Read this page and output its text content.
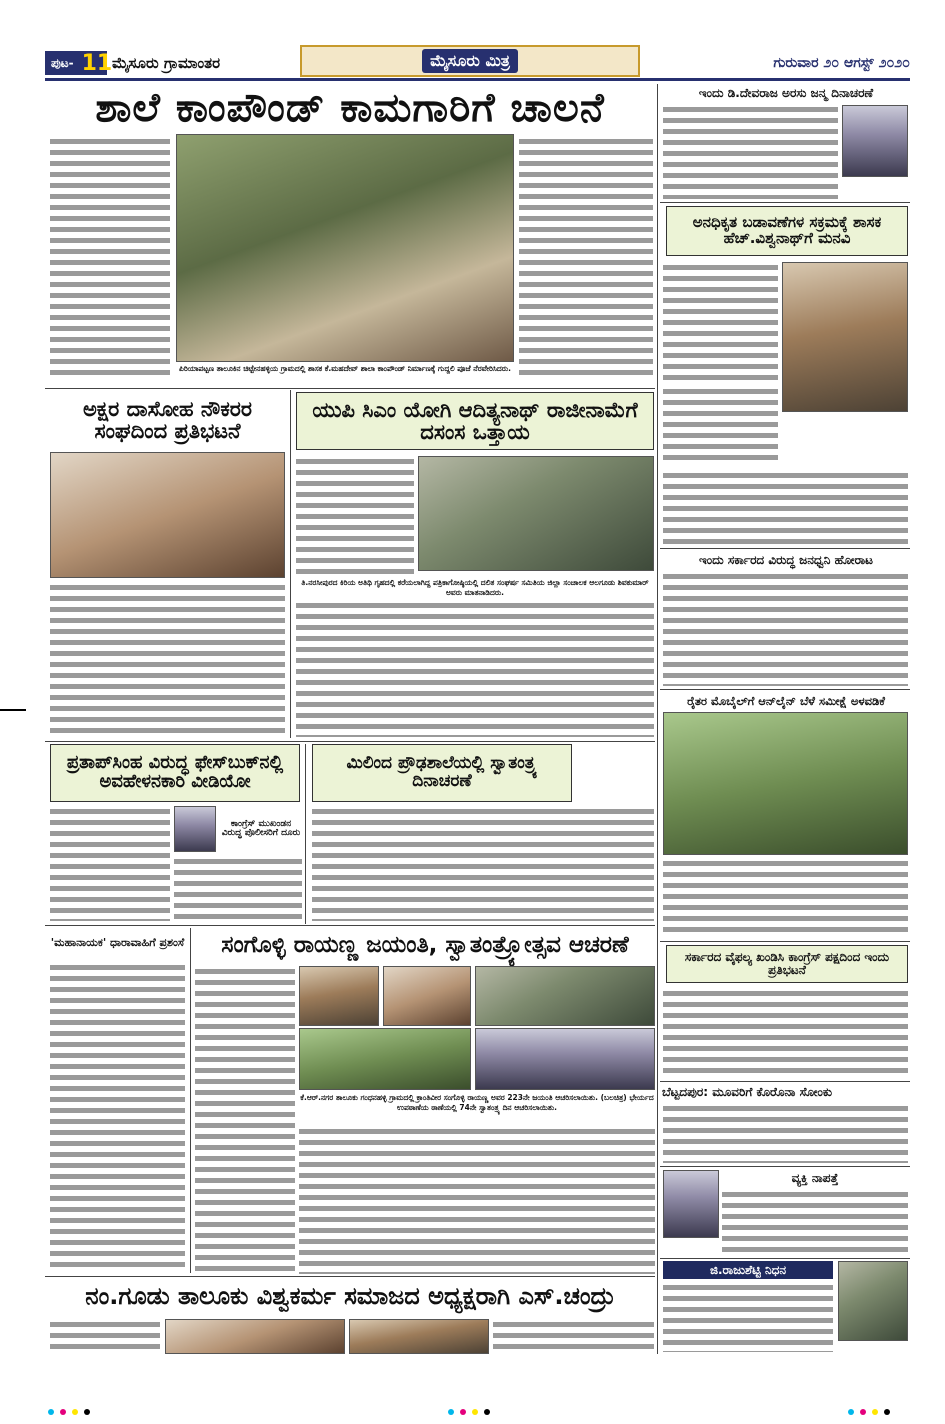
ಪುಟ- 11 ಮೈಸೂರು ಗ್ರಾಮಾಂತರ	ಮೈಸೂರು ಮಿತ್ರ	ಗುರುವಾರ ೨೦ ಆಗಸ್ಟ್ ೨೦೨೦
ಶಾಲೆ ಕಾಂಪೌಂಡ್ ಕಾಮಗಾರಿಗೆ ಚಾಲನೆ
ಪಿರಿಯಾಪಟ್ಟಣ ತಾಲೂಕಿನ ಚಿಟ್ಟೇನಹಳ್ಳಿಯ ಗ್ರಾಮದಲ್ಲಿ ಶಾಸಕ ಕೆ.ಮಹದೇವ್ ಶಾಲಾ ಕಾಂಪೌಂಡ್ ನಿರ್ಮಾಣಕ್ಕೆ ಗುದ್ದಲಿ ಪೂಜೆ ನೆರವೇರಿಸಿದರು.
ಇಂದು ಡಿ.ದೇವರಾಜ ಅರಸು ಜನ್ಮ ದಿನಾಚರಣೆ
ಅನಧಿಕೃತ ಬಡಾವಣೆಗಳ ಸಕ್ರಮಕ್ಕೆ ಶಾಸಕ ಹೆಚ್.ವಿಶ್ವನಾಥ್‌ಗೆ ಮನವಿ
ಇಂದು ಸರ್ಕಾರದ ವಿರುದ್ಧ ಜನಧ್ವನಿ ಹೋರಾಟ
ರೈತರ ಮೊಬೈಲ್‌ಗೆ ಆನ್‌ಲೈನ್ ಬೆಳೆ ಸಮೀಕ್ಷೆ ಅಳವಡಿಕೆ
ಸರ್ಕಾರದ ವೈಫಲ್ಯ ಖಂಡಿಸಿ ಕಾಂಗ್ರೆಸ್ ಪಕ್ಷದಿಂದ ಇಂದು ಪ್ರತಿಭಟನೆ
ಬೆಟ್ಟದಪುರ: ಮೂವರಿಗೆ ಕೊರೊನಾ ಸೋಂಕು
ವ್ಯಕ್ತಿ ನಾಪತ್ತೆ
ಜಿ.ರಾಜುಶೆಟ್ಟಿ ನಿಧನ
ಅಕ್ಷರ ದಾಸೋಹ ನೌಕರರ ಸಂಘದಿಂದ ಪ್ರತಿಭಟನೆ
ಯುಪಿ ಸಿಎಂ ಯೋಗಿ ಆದಿತ್ಯನಾಥ್ ರಾಜೀನಾಮೆಗೆ ದಸಂಸ ಒತ್ತಾಯ
ತಿ.ನರಸೀಪುರದ ಕಿರಿಯ ಅತಿಥಿ ಗೃಹದಲ್ಲಿ ಕರೆಯಲಾಗಿದ್ದ ಪತ್ರಿಕಾಗೋಷ್ಠಿಯಲ್ಲಿ ದಲಿತ ಸಂಘರ್ಷ ಸಮಿತಿಯ ಜಿಲ್ಲಾ ಸಂಚಾಲಕ ಆಲಗೂಡು ಶಿವಕುಮಾರ್ ಅವರು ಮಾತನಾಡಿದರು.
ಪ್ರತಾಪ್‌ಸಿಂಹ ವಿರುದ್ಧ ಫೇಸ್‌ಬುಕ್‌ನಲ್ಲಿ ಅವಹೇಳನಕಾರಿ ವೀಡಿಯೋ
ಕಾಂಗ್ರೆಸ್ ಮುಖಂಡನ ವಿರುದ್ಧ ಪೊಲೀಸರಿಗೆ ದೂರು
ಮಿಲಿಂದ ಪ್ರೌಢಶಾಲೆಯಲ್ಲಿ ಸ್ವಾತಂತ್ರ್ಯ ದಿನಾಚರಣೆ
'ಮಹಾನಾಯಕ' ಧಾರಾವಾಹಿಗೆ ಪ್ರಶಂಸೆ	ಸಂಗೊಳ್ಳಿ ರಾಯಣ್ಣ ಜಯಂತಿ, ಸ್ವಾತಂತ್ರ್ಯೋತ್ಸವ ಆಚರಣೆ
ಕೆ.ಆರ್.ನಗರ ತಾಲೂಕು ಗಂಧನಹಳ್ಳಿ ಗ್ರಾಮದಲ್ಲಿ ಕ್ರಾಂತಿವೀರ ಸಂಗೊಳ್ಳಿ ರಾಯಣ್ಣ ಅವರ 223ನೇ ಜಯಂತಿ ಆಚರಿಸಲಾಯಿತು. (ಬಲಚಿತ್ರ) ಭೇರ್ಯದ ಉಪಠಾಣೆಯ ಠಾಣೆಯಲ್ಲಿ 74ನೇ ಸ್ವಾತಂತ್ರ್ಯ ದಿನ ಆಚರಿಸಲಾಯಿತು.
ನಂ.ಗೂಡು ತಾಲೂಕು ವಿಶ್ವಕರ್ಮ ಸಮಾಜದ ಅಧ್ಯಕ್ಷರಾಗಿ ಎಸ್.ಚಂದ್ರು
